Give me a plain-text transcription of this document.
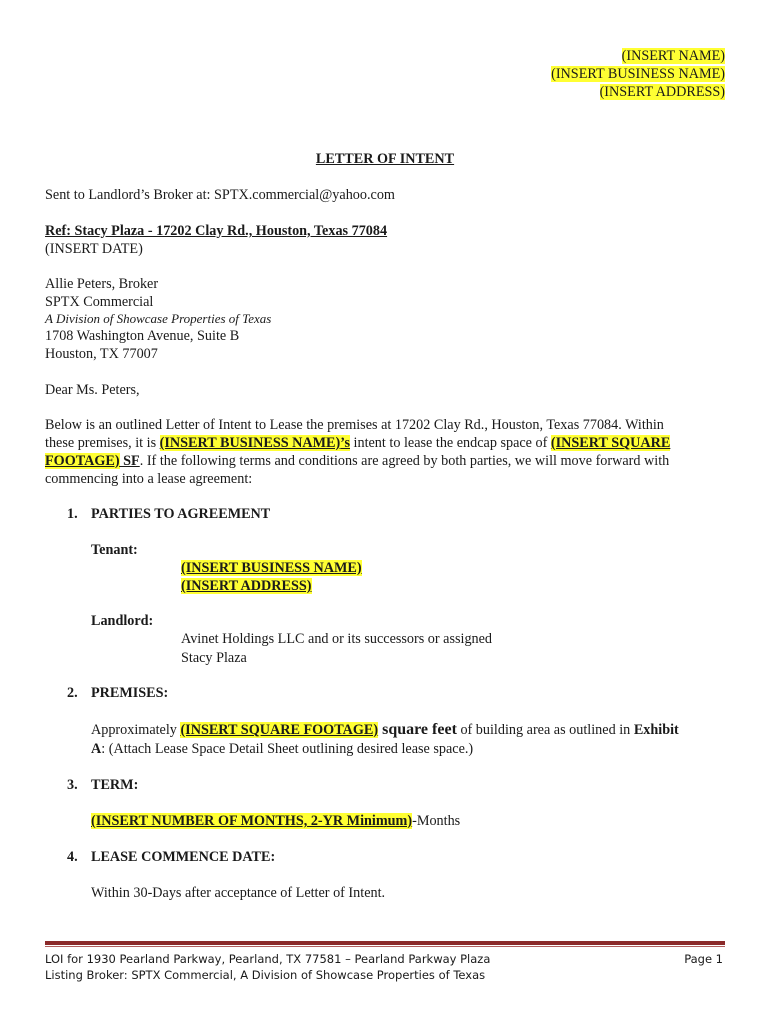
(INSERT NAME)
(INSERT BUSINESS NAME)
(INSERT ADDRESS)
LETTER OF INTENT
Sent to Landlord’s Broker at: SPTX.commercial@yahoo.com
Ref: Stacy Plaza - 17202 Clay Rd., Houston, Texas 77084
(INSERT DATE)
Allie Peters, Broker
SPTX Commercial
A Division of Showcase Properties of Texas
1708 Washington Avenue, Suite B
Houston, TX 77007
Dear Ms. Peters,
Below is an outlined Letter of Intent to Lease the premises at 17202 Clay Rd., Houston, Texas 77084. Within
these premises, it is (INSERT BUSINESS NAME)’s intent to lease the endcap space of (INSERT SQUARE
FOOTAGE) SF. If the following terms and conditions are agreed by both parties, we will move forward with
commencing into a lease agreement:
1. PARTIES TO AGREEMENT
Tenant:
(INSERT BUSINESS NAME)
(INSERT ADDRESS)
Landlord:
Avinet Holdings LLC and or its successors or assigned
Stacy Plaza
2. PREMISES:
Approximately (INSERT SQUARE FOOTAGE) square feet of building area as outlined in Exhibit
A: (Attach Lease Space Detail Sheet outlining desired lease space.)
3. TERM:
(INSERT NUMBER OF MONTHS, 2-YR Minimum)-Months
4. LEASE COMMENCE DATE:
Within 30-Days after acceptance of Letter of Intent.
LOI for 1930 Pearland Parkway, Pearland, TX 77581 – Pearland Parkway Plaza
Listing Broker: SPTX Commercial, A Division of Showcase Properties of Texas
Page 1
